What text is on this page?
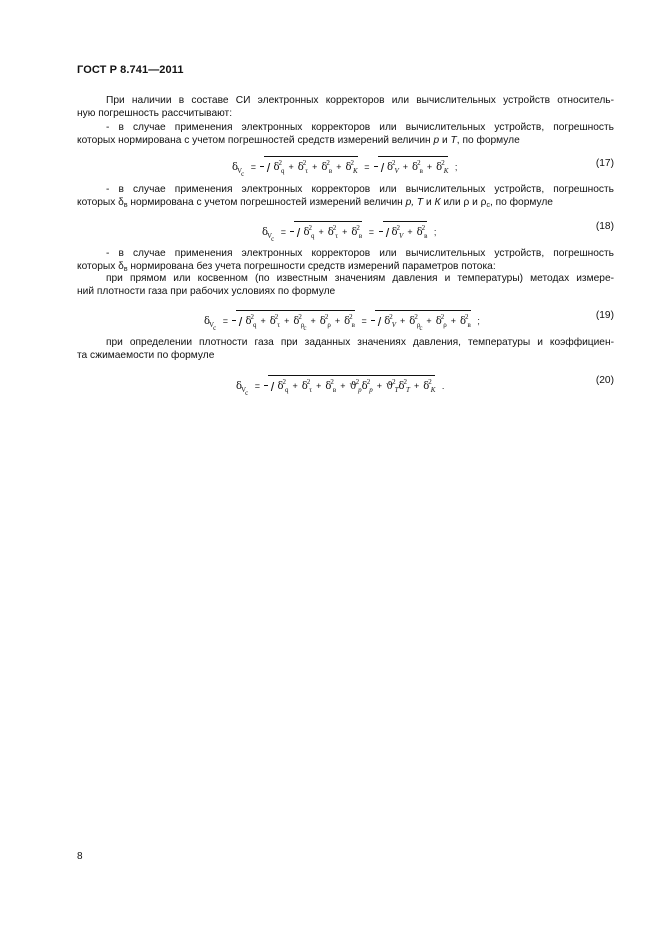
ГОСТ Р 8.741—2011
При наличии в составе СИ электронных корректоров или вычислительных устройств относитель-
ную погрешность рассчитывают:
- в случае применения электронных корректоров или вычислительных устройств, погрешность
которых нормирована с учетом погрешностей средств измерений величин р и Т, по формуле
$\delta_{V_c} = \delta^2_q + \delta^2_\tau + \delta^2_в + \delta^2_K = \delta^2_V + \delta^2_в + \delta^2_K$ ;	(17)
- в случае применения электронных корректоров или вычислительных устройств, погрешность
которых $\delta_в$ нормирована с учетом погрешностей измерений величин р, Т и К или ρ и $\rho_с$, по формуле
$\delta_{V_c} = \delta^2_q + \delta^2_\tau + \delta^2_в = \delta^2_V + \delta^2_в$ ;	(18)
- в случае применения электронных корректоров или вычислительных устройств, погрешность
которых $\delta_в$ нормирована без учета погрешности средств измерений параметров потока:
при прямом или косвенном (по известным значениям давления и температуры) методах измере-
ний плотности газа при рабочих условиях по формуле
$\delta_{V_c} = \delta^2_q + \delta^2_\tau + \delta^2_{\rho_c}+ \delta^2_\rho + \delta^2_в = \delta^2_V + \delta^2_{\rho_c}+ \delta^2_\rho + \delta^2_в$ ;	(19)
при определении плотности газа при заданных значениях давления, температуры и коэффициен-
та сжимаемости по формуле
$\delta_{V_c} = \delta^2_q + \delta^2_\tau + \delta^2_в + ϑ^2_p\delta^2_p + ϑ^2_T\delta^2_T + \delta^2_K$ .	(20)
8
